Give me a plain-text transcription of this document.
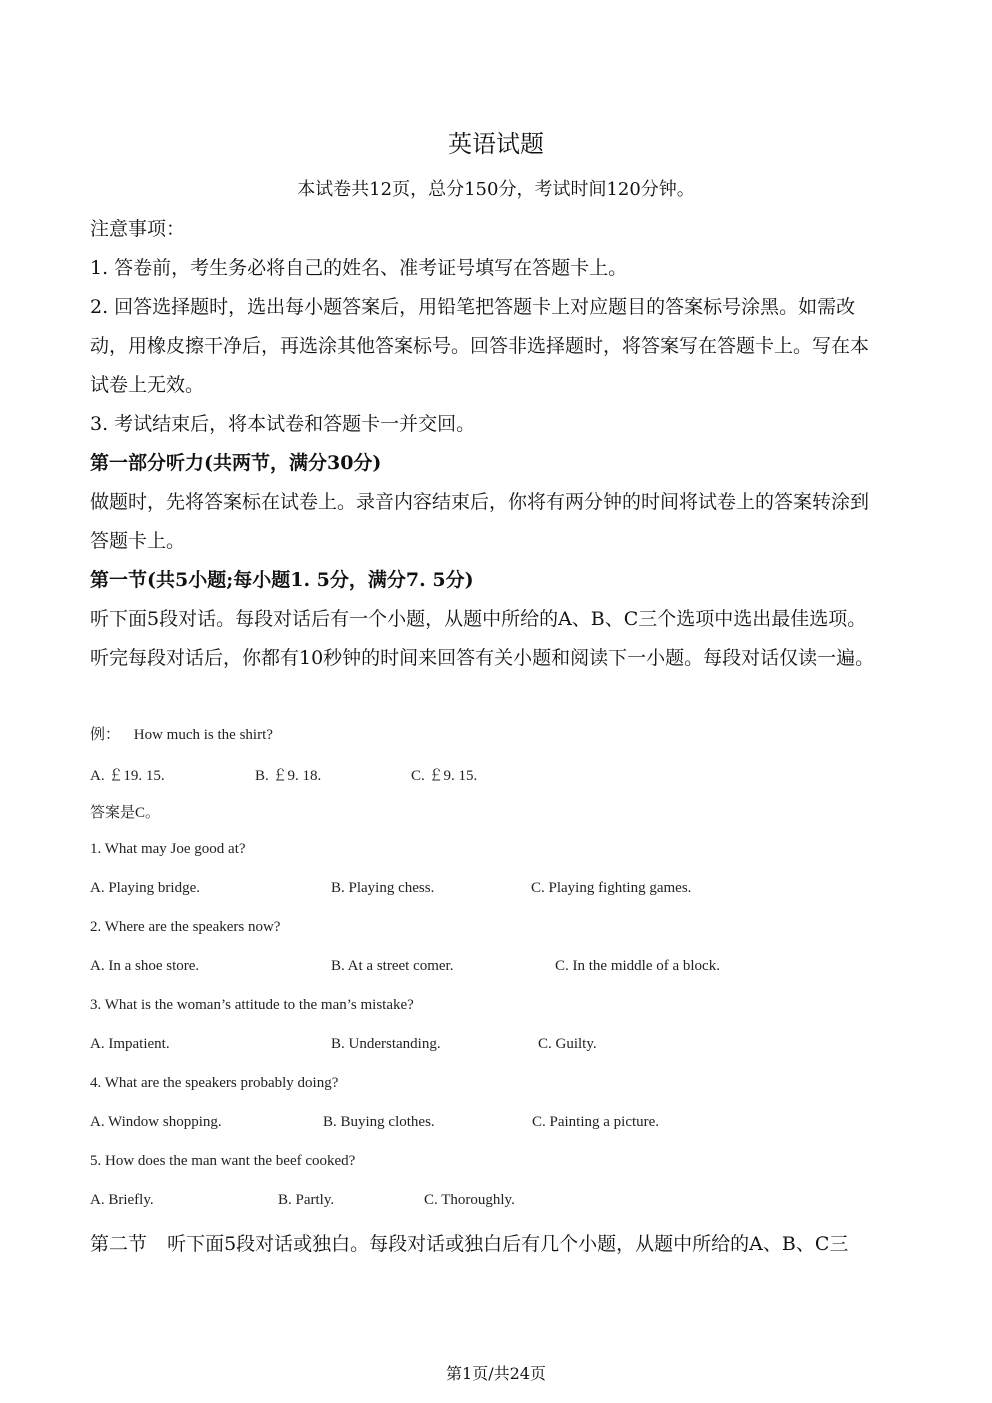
英语试题
本试卷共12页，总分150分，考试时间120分钟。
注意事项：
1. 答卷前，考生务必将自己的姓名、准考证号填写在答题卡上。
2. 回答选择题时，选出每小题答案后，用铅笔把答题卡上对应题目的答案标号涂黑。如需改
动，用橡皮擦干净后，再选涂其他答案标号。回答非选择题时，将答案写在答题卡上。写在本
试卷上无效。
3. 考试结束后，将本试卷和答题卡一并交回。
第一部分听力(共两节，满分30分)
做题时，先将答案标在试卷上。录音内容结束后，你将有两分钟的时间将试卷上的答案转涂到
答题卡上。
第一节(共5小题;每小题1. 5分，满分7. 5分)
听下面5段对话。每段对话后有一个小题，从题中所给的A、B、C三个选项中选出最佳选项。
听完每段对话后，你都有10秒钟的时间来回答有关小题和阅读下一小题。每段对话仅读一遍。
例： How much is the shirt?
A. ￡19. 15.	B. ￡9. 18.	C. ￡9. 15.
答案是C。
1. What may Joe good at?
A. Playing bridge.	B. Playing chess.	C. Playing fighting games.
2. Where are the speakers now?
A. In a shoe store.	B. At a street comer.	C. In the middle of a block.
3. What is the woman’s attitude to the man’s mistake?
A. Impatient.	B. Understanding.	C. Guilty.
4. What are the speakers probably doing?
A. Window shopping.	B. Buying clothes.	C. Painting a picture.
5. How does the man want the beef cooked?
A. Briefly.	B. Partly.	C. Thoroughly.
第二节 听下面5段对话或独白。每段对话或独白后有几个小题，从题中所给的A、B、C三
第1页/共24页
